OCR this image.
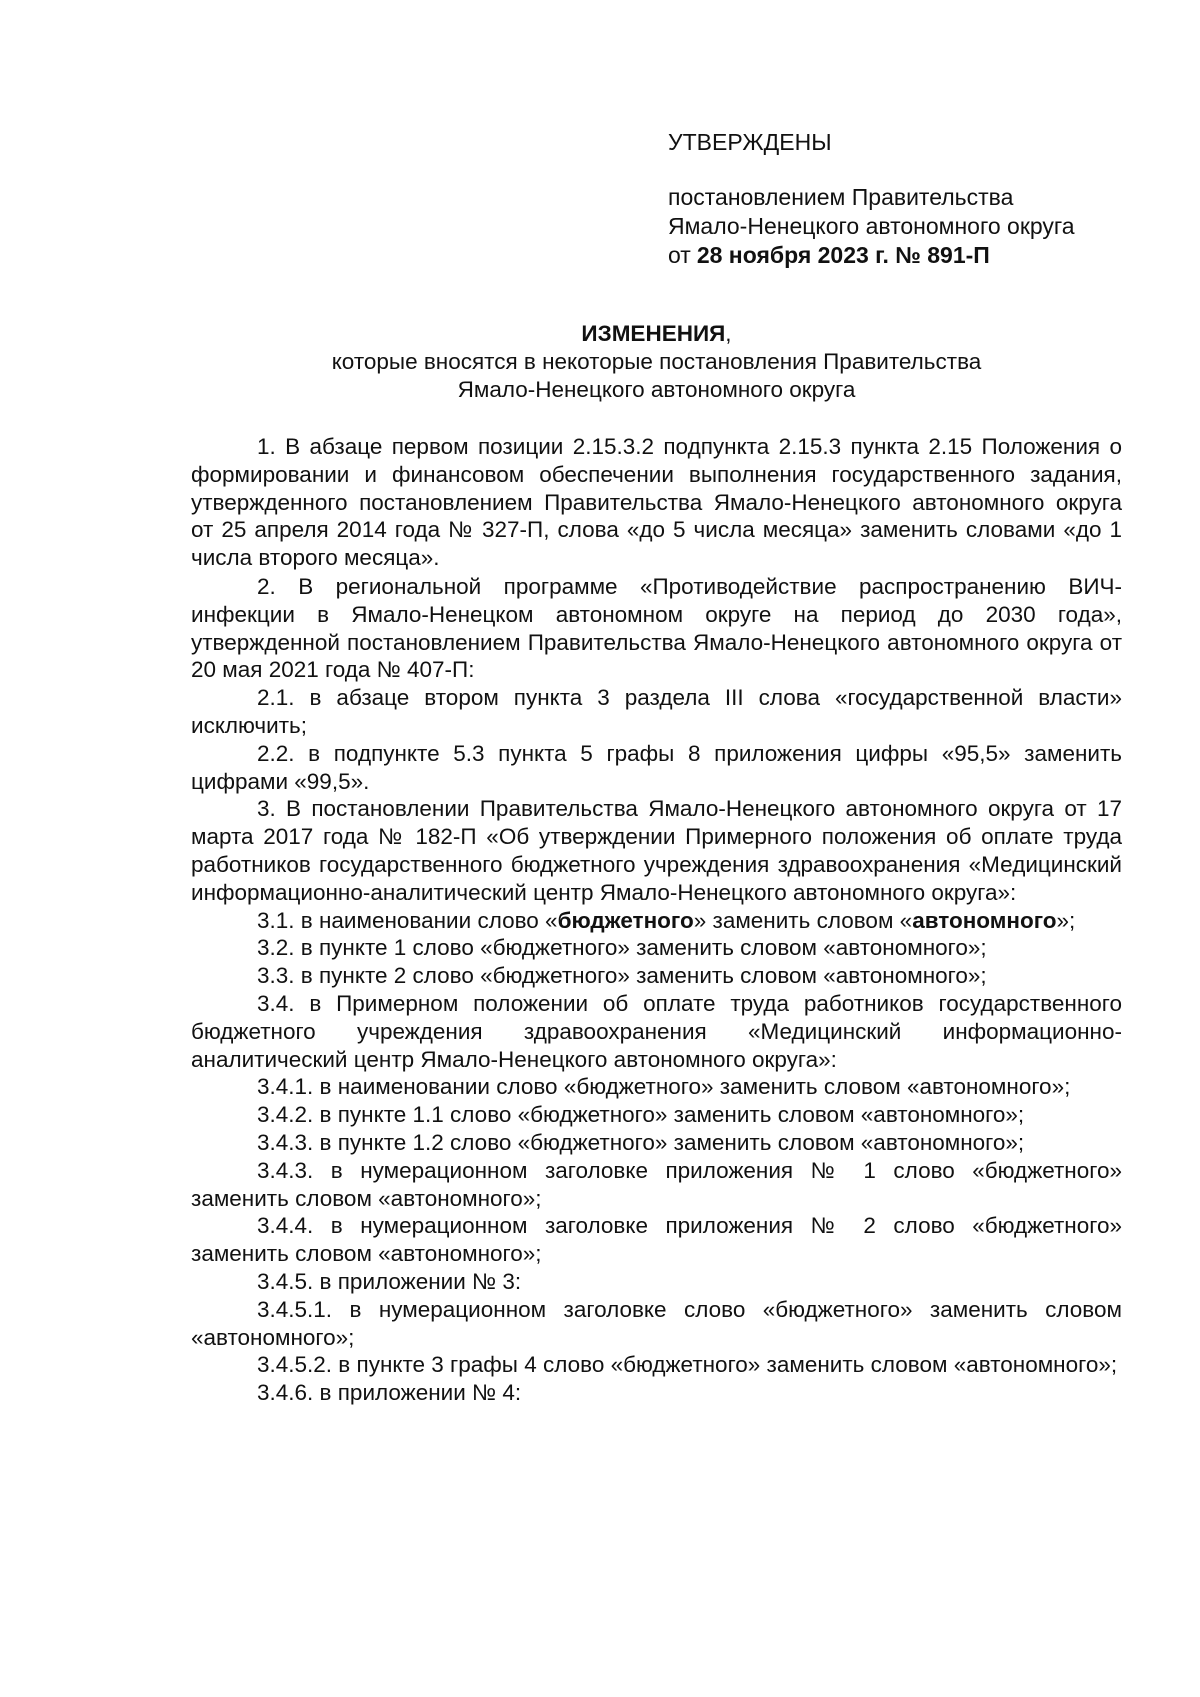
УТВЕРЖДЕНЫ
постановлением Правительства
Ямало-Ненецкого автономного округа
от 28 ноября 2023 г. № 891-П
ИЗМЕНЕНИЯ,
которые вносятся в некоторые постановления Правительства
Ямало-Ненецкого автономного округа

1. В абзаце первом позиции 2.15.3.2 подпункта 2.15.3 пункта 2.15 Положения о формировании и финансовом обеспечении выполнения государственного задания, утвержденного постановлением Правительства Ямало-Ненецкого автономного округа от 25 апреля 2014 года № 327-П, слова «до 5 числа месяца» заменить словами «до 1 числа второго месяца».

2. В региональной программе «Противодействие распространению ВИЧ-инфекции в Ямало-Ненецком автономном округе на период до 2030 года», утвержденной постановлением Правительства Ямало-Ненецкого автономного округа от 20 мая 2021 года № 407-П:

2.1. в абзаце втором пункта 3 раздела III слова «государственной власти» исключить;

2.2. в подпункте 5.3 пункта 5 графы 8 приложения цифры «95,5» заменить цифрами «99,5».

3. В постановлении Правительства Ямало-Ненецкого автономного округа от 17 марта 2017 года № 182-П «Об утверждении Примерного положения об оплате труда работников государственного бюджетного учреждения здравоохранения «Медицинский информационно-аналитический центр Ямало-Ненецкого автономного округа»:

3.1. в наименовании слово «бюджетного» заменить словом «автономного»;

3.2. в пункте 1 слово «бюджетного» заменить словом «автономного»;

3.3. в пункте 2 слово «бюджетного» заменить словом «автономного»;

3.4. в Примерном положении об оплате труда работников государственного бюджетного учреждения здравоохранения «Медицинский информационно-аналитический центр Ямало-Ненецкого автономного округа»:

3.4.1. в наименовании слово «бюджетного» заменить словом «автономного»;

3.4.2. в пункте 1.1 слово «бюджетного» заменить словом «автономного»;

3.4.3. в пункте 1.2 слово «бюджетного» заменить словом «автономного»;

3.4.3. в нумерационном заголовке приложения № 1 слово «бюджетного» заменить словом «автономного»;

3.4.4. в нумерационном заголовке приложения № 2 слово «бюджетного» заменить словом «автономного»;

3.4.5. в приложении № 3:

3.4.5.1. в нумерационном заголовке слово «бюджетного» заменить словом «автономного»;

3.4.5.2. в пункте 3 графы 4 слово «бюджетного» заменить словом «автономного»;

3.4.6. в приложении № 4:
